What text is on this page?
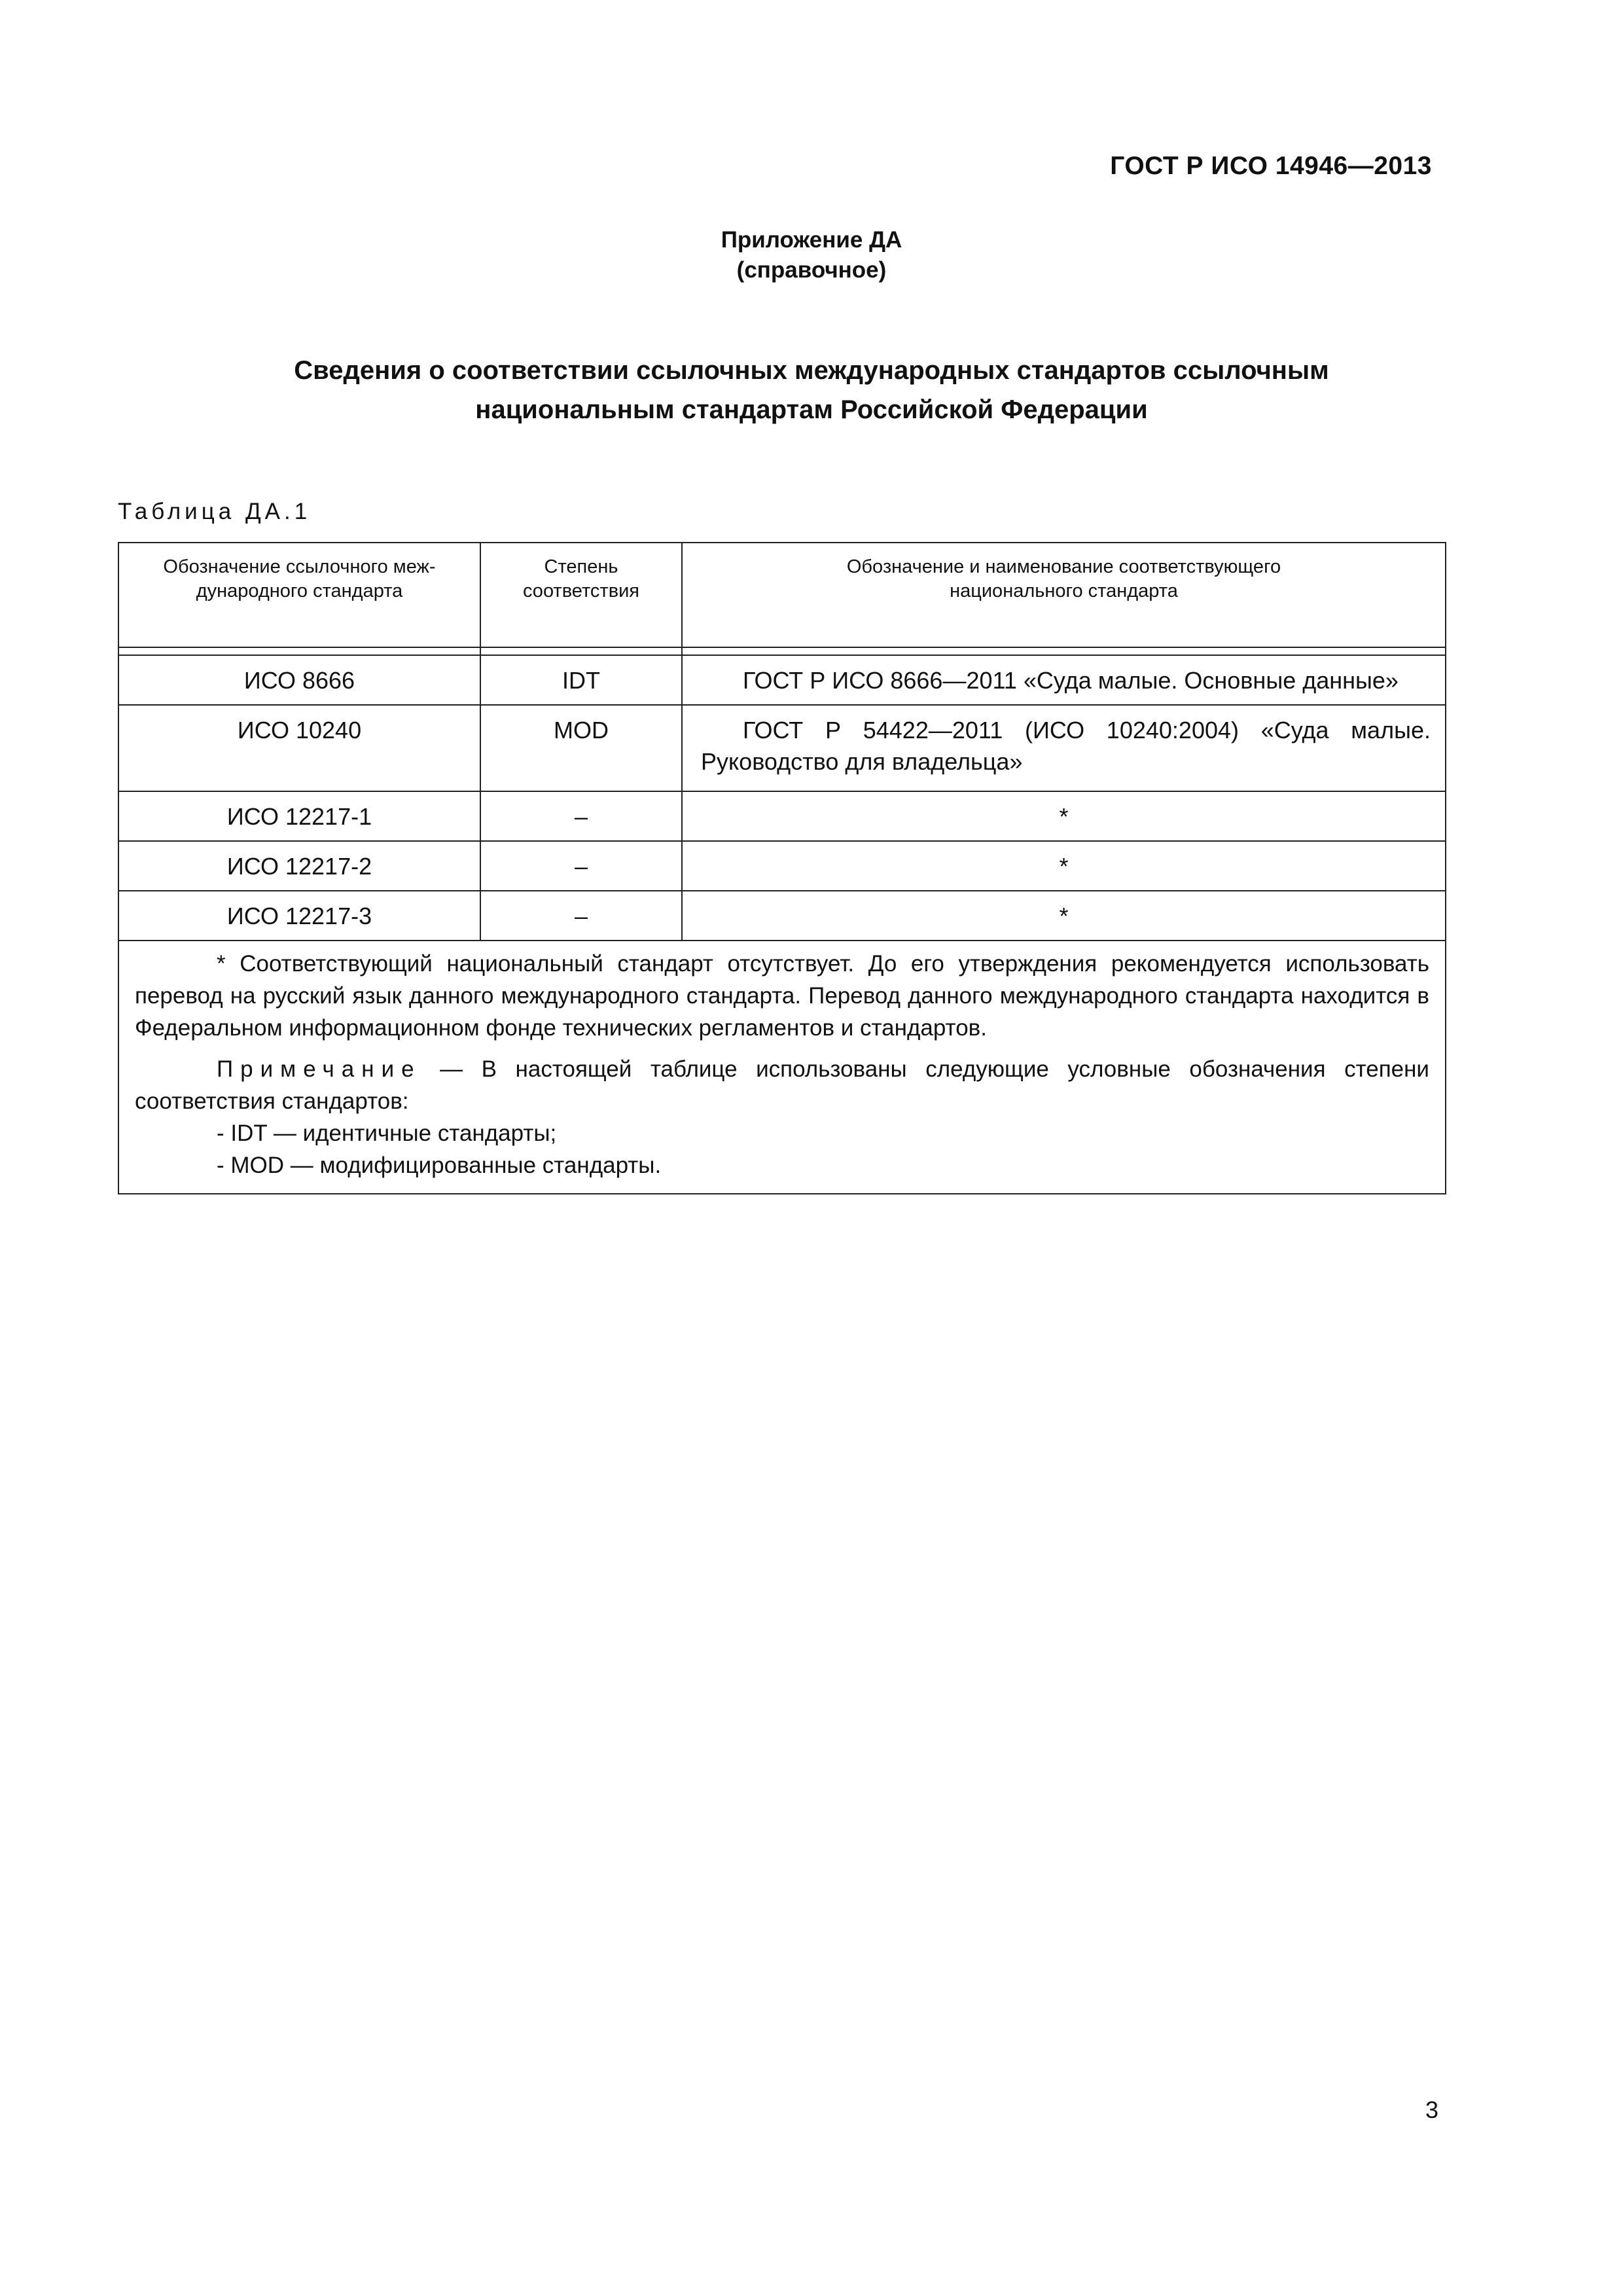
ГОСТ Р ИСО 14946—2013
Приложение ДА
(справочное)
Сведения о соответствии ссылочных международных стандартов ссылочным
национальным стандартам Российской Федерации
Таблица ДА.1
Обозначение ссылочного меж-дународного стандарта	Степень соответствия	Обозначение и наименование соответствующего национального стандарта

ИСО 8666	IDT	ГОСТ Р ИСО 8666—2011 «Суда малые. Основные данные»
ИСО 10240	MOD	ГОСТ Р 54422—2011 (ИСО 10240:2004) «Суда малые. Руководство для владельца»
ИСО 12217-1	–	*
ИСО 12217-2	–	*
ИСО 12217-3	–	*

* Соответствующий национальный стандарт отсутствует. До его утверждения рекомендуется использовать перевод на русский язык данного международного стандарта. Перевод данного международного стандарта находится в Федеральном информационном фонде технических регламентов и стандартов.

Примечание — В настоящей таблице использованы следующие условные обозначения степени соответствия стандартов:

- IDT — идентичные стандарты;

- MOD — модифицированные стандарты.		

3
